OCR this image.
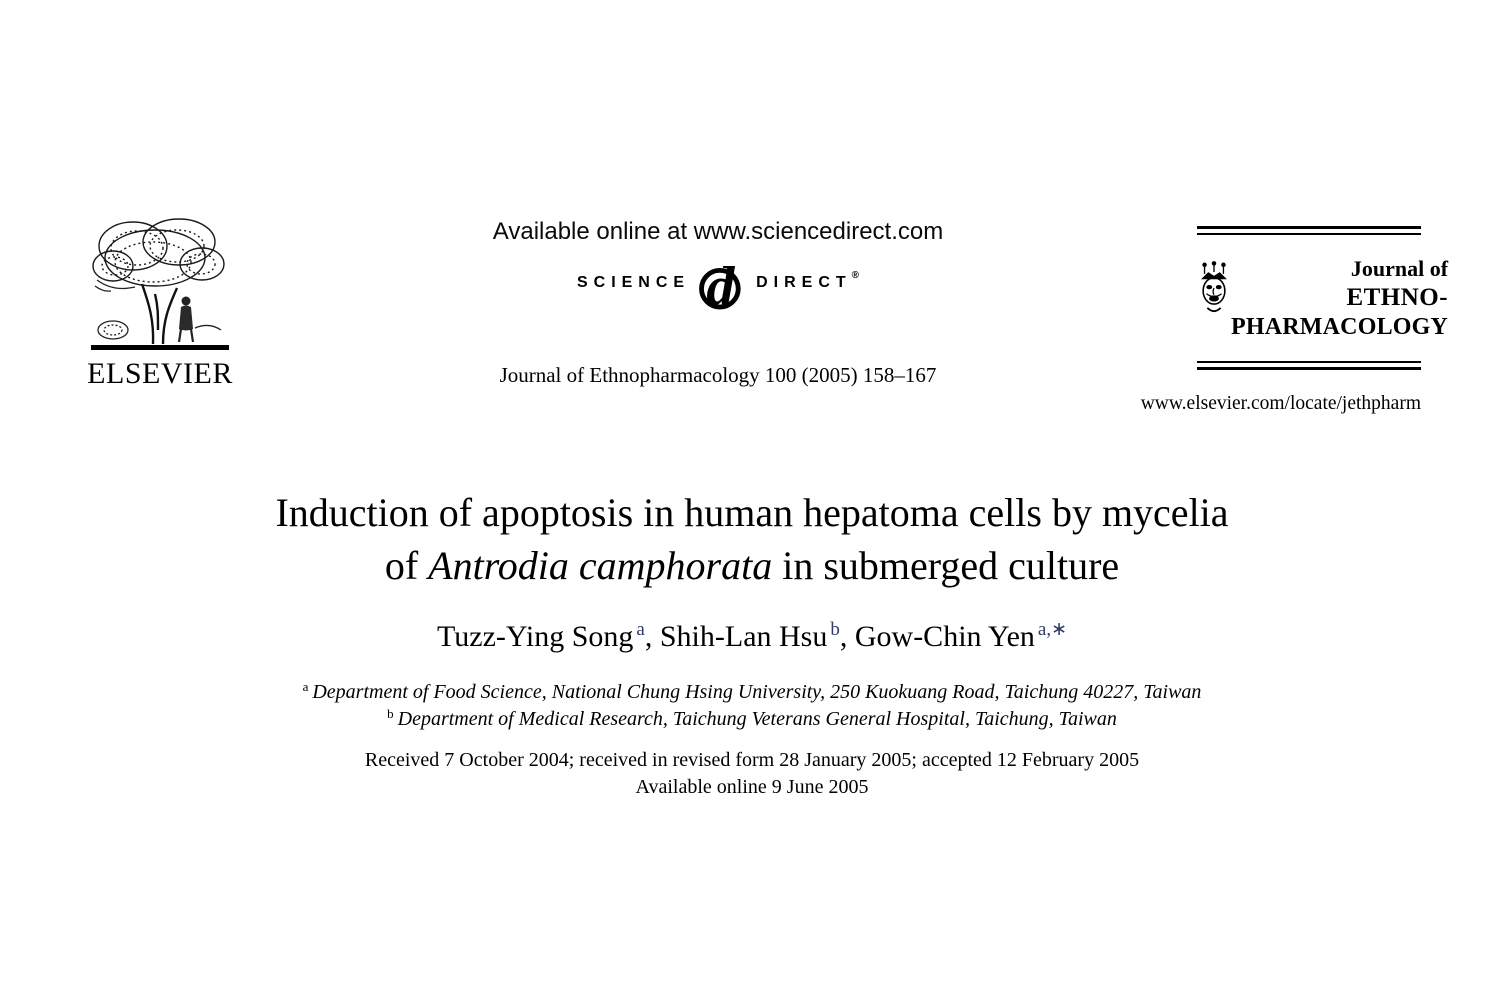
ELSEVIER
Available online at www.sciencedirect.com
SCIENCE d DIRECT ®
Journal of Ethnopharmacology 100 (2005) 158–167
Journal of
ETHNO-
PHARMACOLOGY
www.elsevier.com/locate/jethpharm
Induction of apoptosis in human hepatoma cells by mycelia
of Antrodia camphorata in submerged culture
Tuzz-Ying Song $^a$, Shih-Lan Hsu $^b$, Gow-Chin Yen $^{a,∗}$
$^a$ Department of Food Science, National Chung Hsing University, 250 Kuokuang Road, Taichung 40227, Taiwan
$^b$ Department of Medical Research, Taichung Veterans General Hospital, Taichung, Taiwan
Received 7 October 2004; received in revised form 28 January 2005; accepted 12 February 2005
Available online 9 June 2005
